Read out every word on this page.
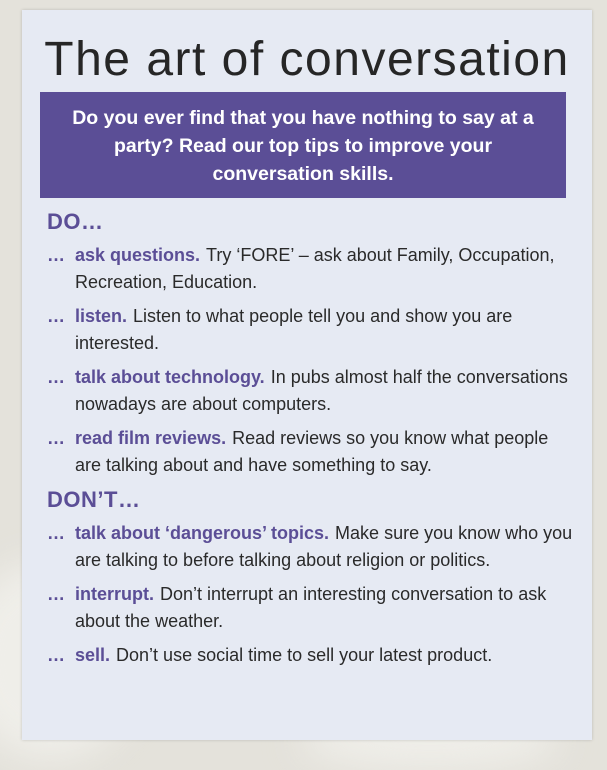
The art of conversation
Do you ever find that you have nothing to say at a party? Read our top tips to improve your conversation skills.
DO…
… ask questions. Try ‘FORE’ – ask about Family, Occupation, Recreation, Education.
… listen. Listen to what people tell you and show you are interested.
… talk about technology. In pubs almost half the conversations nowadays are about computers.
… read film reviews. Read reviews so you know what people are talking about and have something to say.
DON’T…
… talk about ‘dangerous’ topics. Make sure you know who you are talking to before talking about religion or politics.
… interrupt. Don’t interrupt an interesting conversation to ask about the weather.
… sell. Don’t use social time to sell your latest product.
